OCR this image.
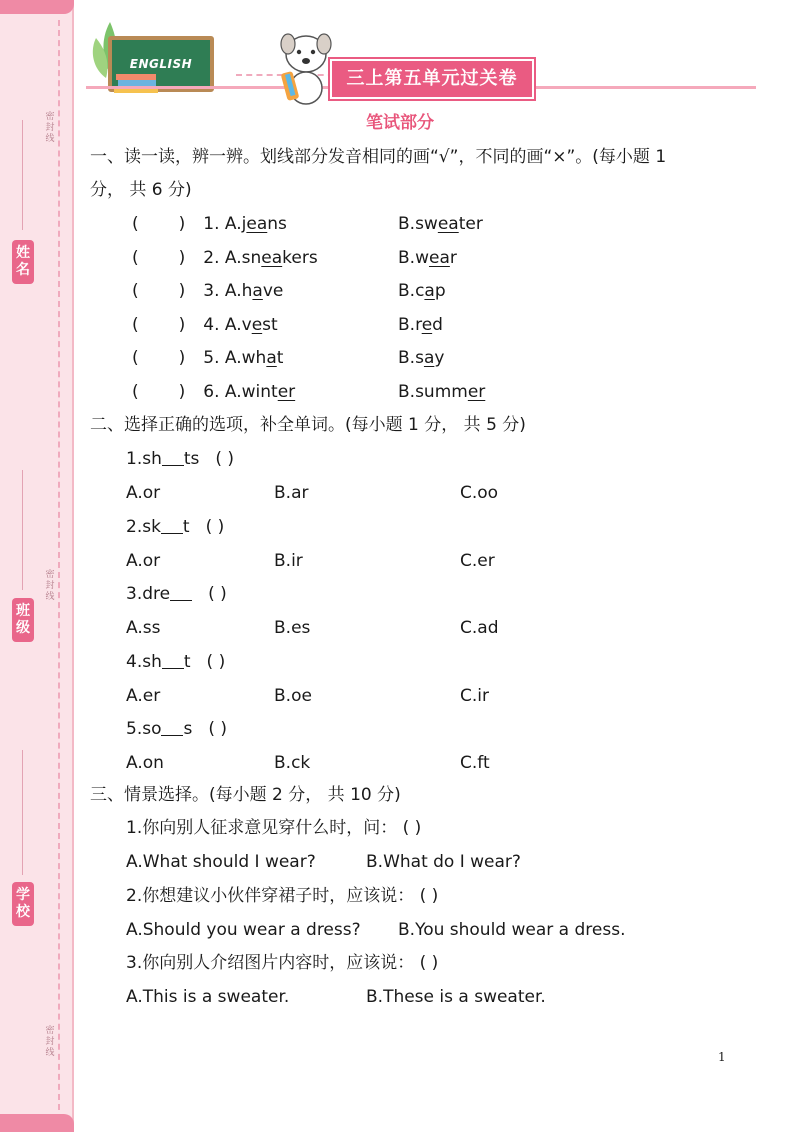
密封线
密封线
密封线
姓名
班级
学校
ENGLISH
三上第五单元过关卷
笔试部分
一、读一读，辨一辨。划线部分发音相同的画“√”，不同的画“×”。(每小题 1
分， 共 6 分)
( ) 1. A.jeans	B.sweater
( ) 2. A.sneakers	B.wear
( ) 3. A.have	B.cap
( ) 4. A.vest	B.red
( ) 5. A.what	B.say
( ) 6. A.winter	B.summer
二、选择正确的选项，补全单词。(每小题 1 分， 共 5 分)
1.sh ts ( )
A.or	B.ar	C.oo
2.sk t ( )
A.or	B.ir	C.er
3.dre ( )
A.ss	B.es	C.ad
4.sh t ( )
A.er	B.oe	C.ir
5.so s ( )
A.on	B.ck	C.ft
三、情景选择。(每小题 2 分， 共 10 分)
1.你向别人征求意见穿什么时，问： ( )
A.What should I wear?	B.What do I wear?
2.你想建议小伙伴穿裙子时，应该说： ( )
A.Should you wear a dress? B.You should wear a dress.
3.你向别人介绍图片内容时，应该说： ( )
A.This is a sweater.	B.These is a sweater.
1
